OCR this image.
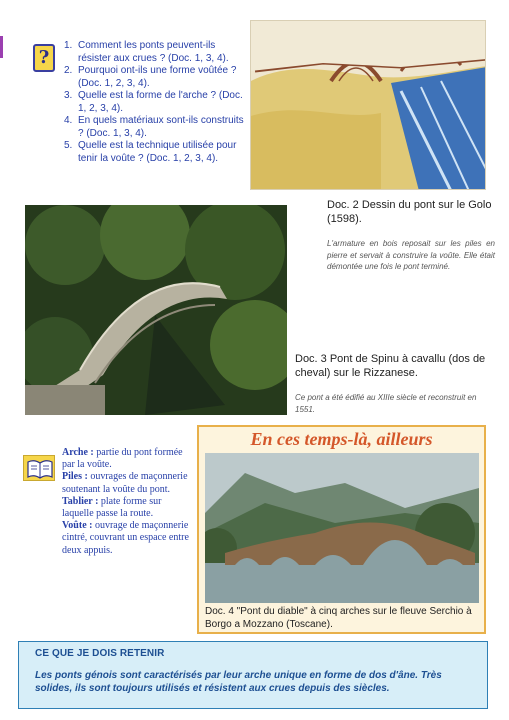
?
1. Comment les ponts peuvent-ils résister aux crues ? (Doc. 1, 3, 4).
2. Pourquoi ont-ils une forme voûtée ? (Doc. 1, 2, 3, 4).
3. Quelle est la forme de l'arche ? (Doc. 1, 2, 3, 4).
4. En quels matériaux sont-ils construits ? (Doc. 1, 3, 4).
5. Quelle est la technique utilisée pour tenir la voûte ? (Doc. 1, 2, 3, 4).
Doc. 2 Dessin du pont sur le Golo (1598).
L'armature en bois reposait sur les piles en pierre et servait à construire la voûte. Elle était démontée une fois le pont terminé.
Doc. 3 Pont de Spinu à cavallu (dos de cheval) sur le Rizzanese.
Ce pont a été édifié au XIIIe siècle et reconstruit en 1551.
Arche : partie du pont formée par la voûte.
Piles : ouvrages de maçonnerie soutenant la voûte du pont.
Tablier : plate forme sur laquelle passe la route.
Voûte : ouvrage de maçonnerie cintré, couvrant un espace entre deux appuis.
En ces temps-là, ailleurs
Doc. 4 "Pont du diable" à cinq arches sur le fleuve Serchio à Borgo a Mozzano (Toscane).
CE QUE JE DOIS RETENIR
Les ponts génois sont caractérisés par leur arche unique en forme de dos d'âne. Très solides, ils sont toujours utilisés et résistent aux crues depuis des siècles.
